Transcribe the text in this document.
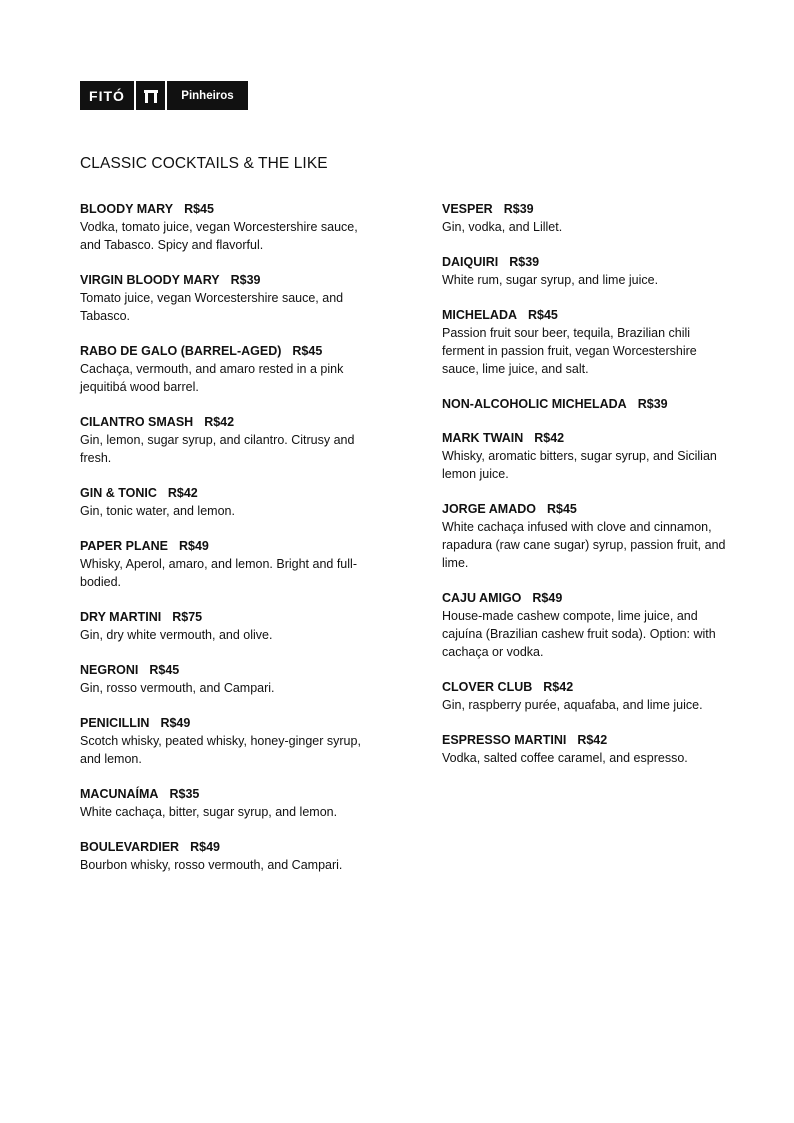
FITÓ	Pinheiros
CLASSIC COCKTAILS & THE LIKE
BLOODY MARY R$45
Vodka, tomato juice, vegan Worcestershire sauce, and Tabasco. Spicy and flavorful.
VIRGIN BLOODY MARY R$39
Tomato juice, vegan Worcestershire sauce, and Tabasco.
RABO DE GALO (BARREL-AGED) R$45
Cachaça, vermouth, and amaro rested in a pink jequitibá wood barrel.
CILANTRO SMASH R$42
Gin, lemon, sugar syrup, and cilantro. Citrusy and fresh.
GIN & TONIC R$42
Gin, tonic water, and lemon.
PAPER PLANE R$49
Whisky, Aperol, amaro, and lemon. Bright and full-bodied.
DRY MARTINI R$75
Gin, dry white vermouth, and olive.
NEGRONI R$45
Gin, rosso vermouth, and Campari.
PENICILLIN R$49
Scotch whisky, peated whisky, honey-ginger syrup, and lemon.
MACUNAÍMA R$35
White cachaça, bitter, sugar syrup, and lemon.
BOULEVARDIER R$49
Bourbon whisky, rosso vermouth, and Campari.
VESPER R$39
Gin, vodka, and Lillet.
DAIQUIRI R$39
White rum, sugar syrup, and lime juice.
MICHELADA R$45
Passion fruit sour beer, tequila, Brazilian chili ferment in passion fruit, vegan Worcestershire sauce, lime juice, and salt.
NON-ALCOHOLIC MICHELADA R$39
MARK TWAIN R$42
Whisky, aromatic bitters, sugar syrup, and Sicilian lemon juice.
JORGE AMADO R$45
White cachaça infused with clove and cinnamon, rapadura (raw cane sugar) syrup, passion fruit, and lime.
CAJU AMIGO R$49
House-made cashew compote, lime juice, and cajuína (Brazilian cashew fruit soda). Option: with cachaça or vodka.
CLOVER CLUB R$42
Gin, raspberry purée, aquafaba, and lime juice.
ESPRESSO MARTINI R$42
Vodka, salted coffee caramel, and espresso.
